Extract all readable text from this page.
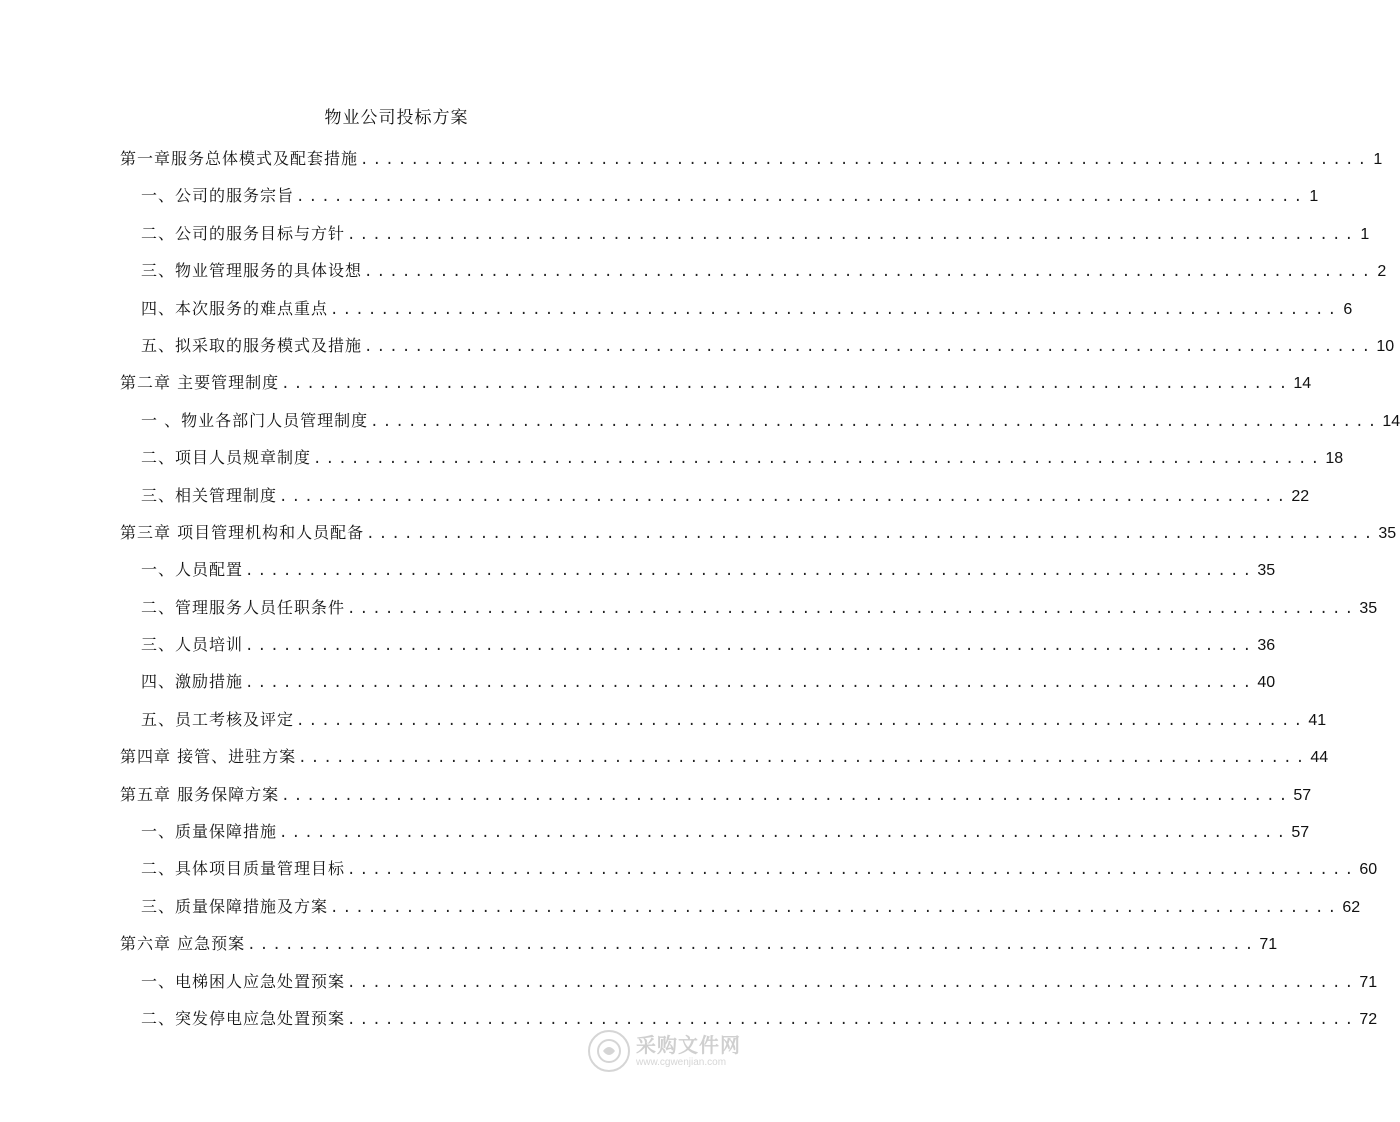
物业公司投标方案
第一章服务总体模式及配套措施 ................................................................................ 1
一、公司的服务宗旨 ................................................................................ 1
二、公司的服务目标与方针 ................................................................................ 1
三、物业管理服务的具体设想 ................................................................................ 2
四、本次服务的难点重点 ................................................................................ 6
五、拟采取的服务模式及措施 ................................................................................ 10
第二章 主要管理制度 ................................................................................ 14
一 、物业各部门人员管理制度 ................................................................................ 14
二、项目人员规章制度 ................................................................................ 18
三、相关管理制度 ................................................................................ 22
第三章 项目管理机构和人员配备 ................................................................................ 35
一、人员配置 ................................................................................ 35
二、管理服务人员任职条件 ................................................................................ 35
三、人员培训 ................................................................................ 36
四、激励措施 ................................................................................ 40
五、员工考核及评定 ................................................................................ 41
第四章 接管、进驻方案 ................................................................................ 44
第五章 服务保障方案 ................................................................................ 57
一、质量保障措施 ................................................................................ 57
二、具体项目质量管理目标 ................................................................................ 60
三、质量保障措施及方案 ................................................................................ 62
第六章 应急预案 ................................................................................ 71
一、电梯困人应急处置预案 ................................................................................ 71
二、突发停电应急处置预案 ................................................................................ 72
采购文件网
www.cgwenjian.com
